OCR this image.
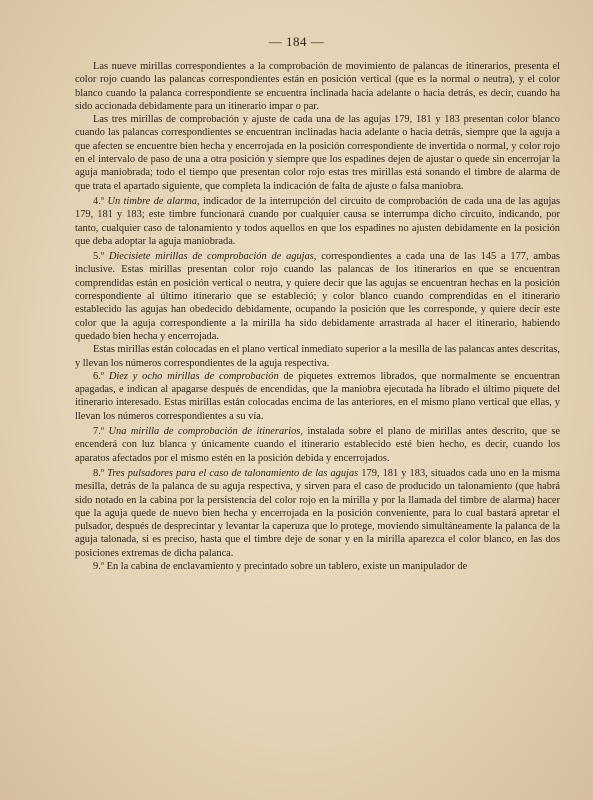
— 184 —

Las nueve mirillas correspondientes a la comprobación de movimiento de palancas de itinerarios, presenta el color rojo cuando las palancas correspondientes están en posición vertical (que es la normal o neutra), y el color blanco cuando la palanca correspondiente se encuentra inclinada hacia adelante o hacia detrás, es decir, cuando ha sido accionada debidamente para un itinerario impar o par.

Las tres mirillas de comprobación y ajuste de cada una de las agujas 179, 181 y 183 presentan color blanco cuando las palancas correspondientes se encuentran inclinadas hacia adelante o hacia detrás, siempre que la aguja a que afecten se encuentre bien hecha y encerrojada en la posición correspondiente de invertida o normal, y color rojo en el intervalo de paso de una a otra posición y siempre que los espadines dejen de ajustar o quede sin encerrojar la aguja maniobrada; todo el tiempo que presentan color rojo estas tres mirillas está sonando el timbre de alarma de que trata el apartado siguiente, que completa la indicación de falta de ajuste o falsa maniobra.

4.º Un timbre de alarma, indicador de la interrupción del circuito de comprobación de cada una de las agujas 179, 181 y 183; este timbre funcionará cuando por cualquier causa se interrumpa dicho circuito, indicando, por tanto, cualquier caso de talonamiento y todos aquellos en que los espadines no ajusten debidamente en la posición que deba adoptar la aguja maniobrada.

5.º Diecisiete mirillas de comprobación de agujas, correspondientes a cada una de las 145 a 177, ambas inclusive. Estas mirillas presentan color rojo cuando las palancas de los itinerarios en que se encuentran comprendidas están en posición vertical o neutra, y quiere decir que las agujas se encuentran hechas en la posición correspondiente al último itinerario que se estableció; y color blanco cuando comprendidas en el itinerario establecido las agujas han obedecido debidamente, ocupando la posición que les corresponde, y quiere decir este color que la aguja correspondiente a la mirilla ha sido debidamente arrastrada al hacer el itinerario, habiendo quedado bien hecha y encerrojada.

Estas mirillas están colocadas en el plano vertical inmediato superior a la mesilla de las palancas antes descritas, y llevan los números correspondientes de la aguja respectiva.

6.º Diez y ocho mirillas de comprobación de piquetes extremos librados, que normalmente se encuentran apagadas, e indican al apagarse después de encendidas, que la maniobra ejecutada ha librado el último piquete del itinerario interesado. Estas mirillas están colocadas encima de las anteriores, en el mismo plano vertical que ellas, y llevan los números correspondientes a su vía.

7.º Una mirilla de comprobación de itinerarios, instalada sobre el plano de mirillas antes descrito, que se encenderá con luz blanca y únicamente cuando el itinerario establecido esté bien hecho, es decir, cuando los aparatos afectados por el mismo estén en la posición debida y encerrojados.

8.º Tres pulsadores para el caso de talonamiento de las agujas 179, 181 y 183, situados cada uno en la misma mesilla, detrás de la palanca de su aguja respectiva, y sirven para el caso de producido un talonamiento (que habrá sido notado en la cabina por la persistencia del color rojo en la mirilla y por la llamada del timbre de alarma) hacer que la aguja quede de nuevo bien hecha y encerrojada en la posición conveniente, para lo cual bastará apretar el pulsador, después de desprecintar y levantar la caperuza que lo protege, moviendo simultáneamente la palanca de la aguja talonada, si es preciso, hasta que el timbre deje de sonar y en la mirilla aparezca el color blanco, en las dos posiciones extremas de dicha palanca.

9.º En la cabina de enclavamiento y precintado sobre un tablero, existe un manipulador de
